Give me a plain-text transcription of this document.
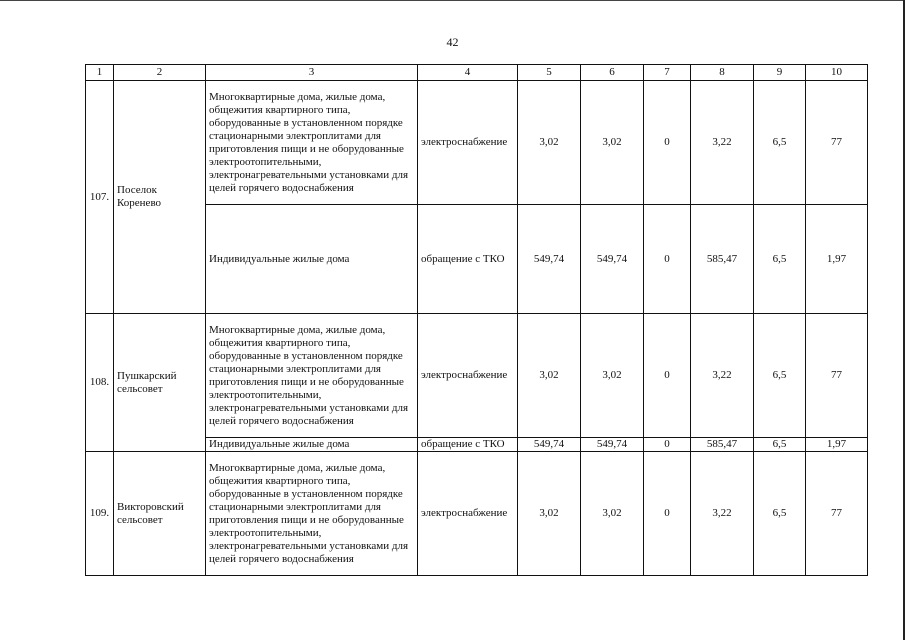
42
1	2	3	4	5	6	7	8	9	10
107.	Поселок Коренево	Многоквартирные дома, жилые дома, общежития квартирного типа, оборудованные в установленном порядке стационарными электроплитами для приготовления пищи и не оборудованные электроотопительными, электронагревательными установками для целей горячего водоснабжения	электроснабжение	3,02	3,02	0	3,22	6,5	77
		Индивидуальные жилые дома	обращение с ТКО	549,74	549,74	0	585,47	6,5	1,97
108.	Пушкарский сельсовет	Многоквартирные дома, жилые дома, общежития квартирного типа, оборудованные в установленном порядке стационарными электроплитами для приготовления пищи и не оборудованные электроотопительными, электронагревательными установками для целей горячего водоснабжения	электроснабжение	3,02	3,02	0	3,22	6,5	77
		Индивидуальные жилые дома	обращение с ТКО	549,74	549,74	0	585,47	6,5	1,97
109.	Викторовский сельсовет	Многоквартирные дома, жилые дома, общежития квартирного типа, оборудованные в установленном порядке стационарными электроплитами для приготовления пищи и не оборудованные электроотопительными, электронагревательными установками для целей горячего водоснабжения	электроснабжение	3,02	3,02	0	3,22	6,5	77
